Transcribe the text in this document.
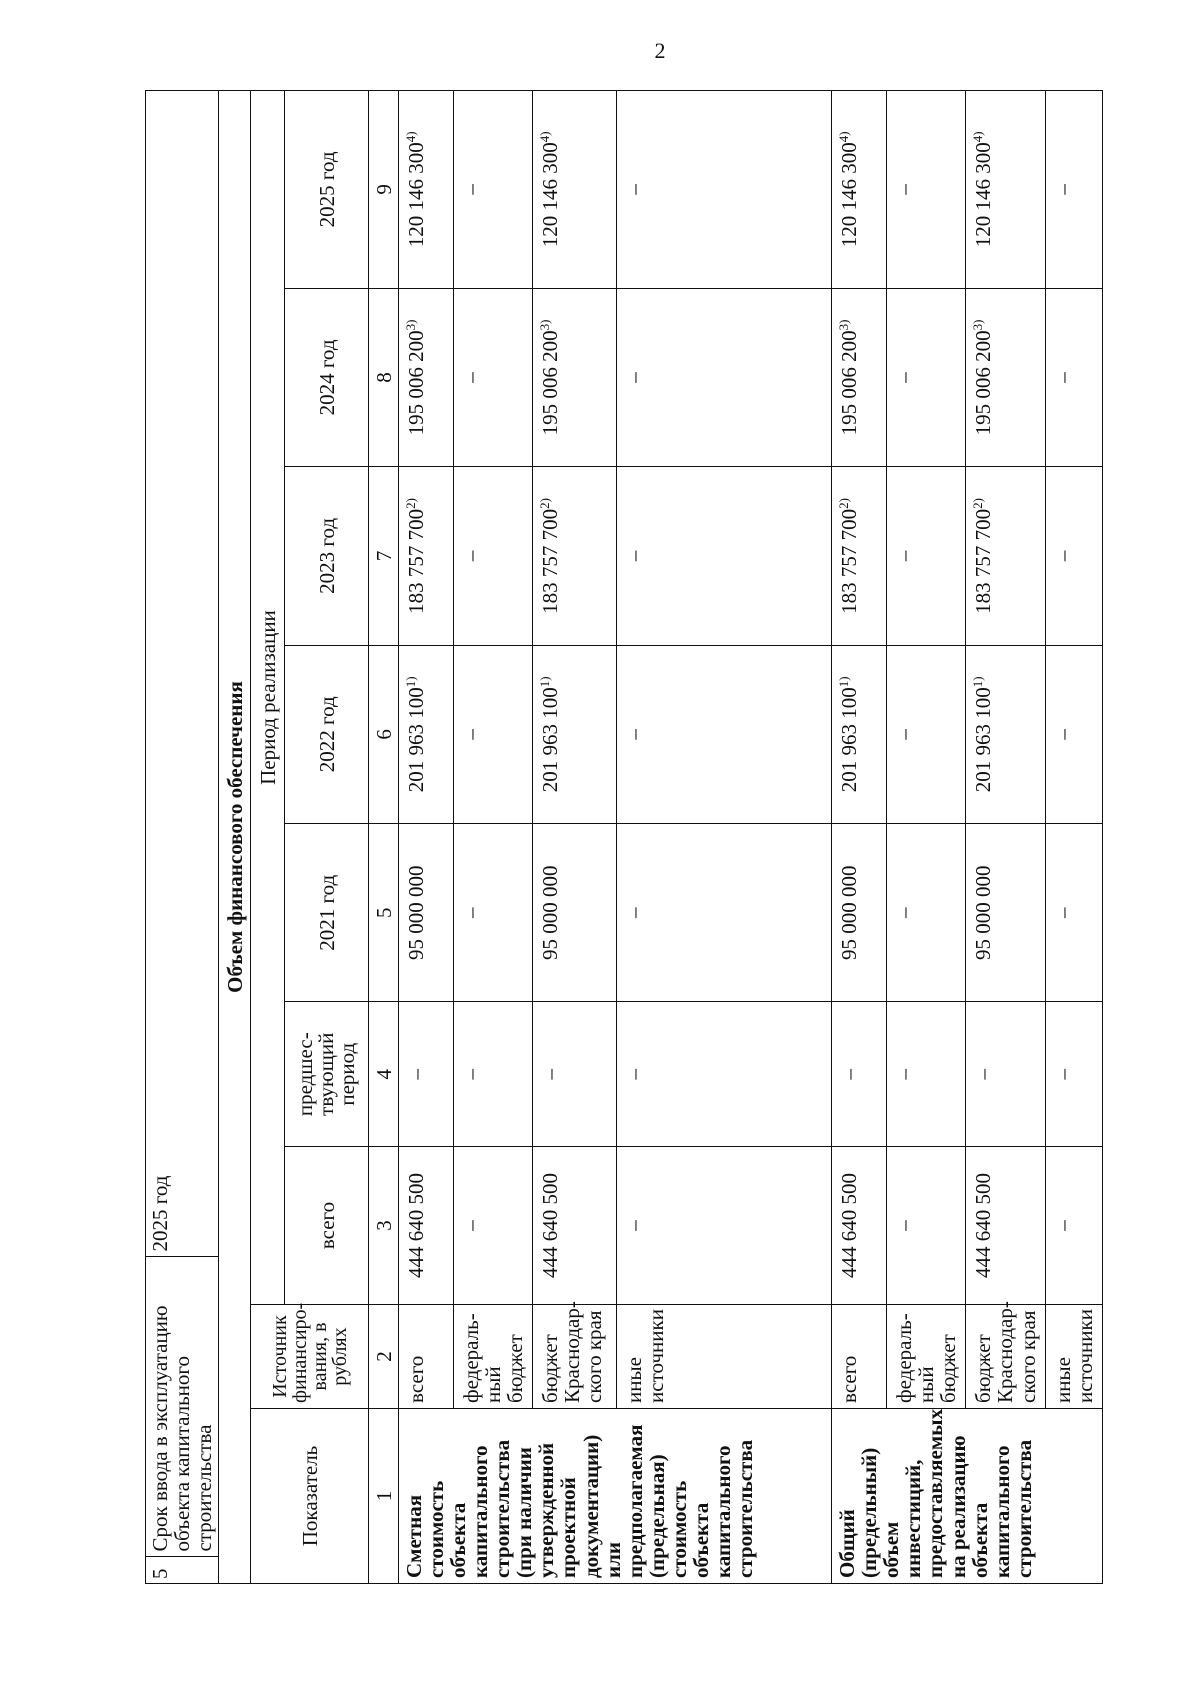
2
5	Срок ввода в эксплуатацию объекта капитального строительства	2025 год

Объем финансового обеспечения
Показатель	Источник финансиро-вания, в рублях	Период реализации
всего	предшес-твующий период	2021 год	2022 год	2023 год	2024 год	2025 год
1	2	3	4	5	6	7	8	9
Сметная стоимость объекта капитального строительства (при наличии утвержденной проектной документации) или предполагаемая (предельная) стоимость объекта капитального строительства	всего	444 640 500	–	95 000 000	201 963 100$^{1)}$	183 757 700$^{2)}$	195 006 200$^{3)}$	120 146 300$^{4)}$
федераль-ный бюджет	–	–	–	–	–	–	–
бюджет Краснодар-ского края	444 640 500	–	95 000 000	201 963 100$^{1)}$	183 757 700$^{2)}$	195 006 200$^{3)}$	120 146 300$^{4)}$
иные источники	–	–	–	–	–	–	–
Общий (предельный) объем инвестиций, предоставляемых на реализацию объекта капитального строительства	всего	444 640 500	–	95 000 000	201 963 100$^{1)}$	183 757 700$^{2)}$	195 006 200$^{3)}$	120 146 300$^{4)}$
федераль-ный бюджет	–	–	–	–	–	–	–
бюджет Краснодар-ского края	444 640 500	–	95 000 000	201 963 100$^{1)}$	183 757 700$^{2)}$	195 006 200$^{3)}$	120 146 300$^{4)}$
иные источники	–	–	–	–	–	–	–
